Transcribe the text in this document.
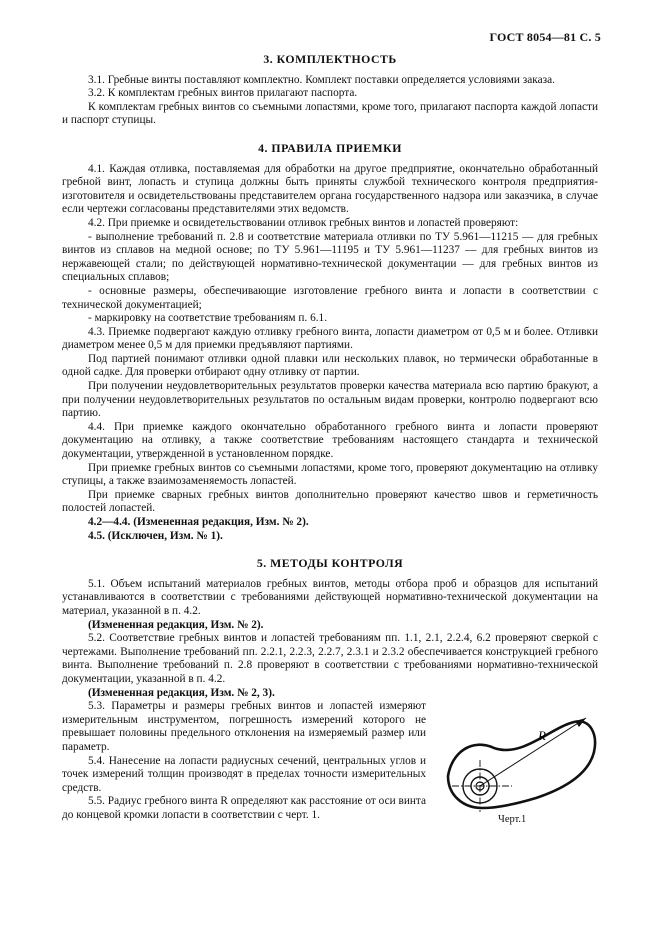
ГОСТ 8054—81 С. 5

3. КОМПЛЕКТНОСТЬ

3.1. Гребные винты поставляют комплектно. Комплект поставки определяется условиями заказа.

3.2. К комплектам гребных винтов прилагают паспорта.

К комплектам гребных винтов со съемными лопастями, кроме того, прилагают паспорта каждой лопасти и паспорт ступицы.

4. ПРАВИЛА ПРИЕМКИ

4.1. Каждая отливка, поставляемая для обработки на другое предприятие, окончательно обработанный гребной винт, лопасть и ступица должны быть приняты службой технического контроля предприятия-изготовителя и освидетельствованы представителем органа государственного надзора или заказчика, в случае если чертежи согласованы представителями этих ведомств.

4.2. При приемке и освидетельствовании отливок гребных винтов и лопастей проверяют:

- выполнение требований п. 2.8 и соответствие материала отливки по ТУ 5.961—11215 — для гребных винтов из сплавов на медной основе; по ТУ 5.961—11195 и ТУ 5.961—11237 — для гребных винтов из нержавеющей стали; по действующей нормативно-технической документации — для гребных винтов из специальных сплавов;

- основные размеры, обеспечивающие изготовление гребного винта и лопасти в соответствии с технической документацией;

- маркировку на соответствие требованиям п. 6.1.

4.3. Приемке подвергают каждую отливку гребного винта, лопасти диаметром от 0,5 м и более. Отливки диаметром менее 0,5 м для приемки предъявляют партиями.

Под партией понимают отливки одной плавки или нескольких плавок, но термически обработанные в одной садке. Для проверки отбирают одну отливку от партии.

При получении неудовлетворительных результатов проверки качества материала всю партию бракуют, а при получении неудовлетворительных результатов по остальным видам проверки, контролю подвергают всю партию.

4.4. При приемке каждого окончательно обработанного гребного винта и лопасти проверяют документацию на отливку, а также соответствие требованиям настоящего стандарта и технической документации, утвержденной в установленном порядке.

При приемке гребных винтов со съемными лопастями, кроме того, проверяют документацию на отливку ступицы, а также взаимозаменяемость лопастей.

При приемке сварных гребных винтов дополнительно проверяют качество швов и герметичность полостей лопастей.

4.2—4.4. (Измененная редакция, Изм. № 2).

4.5. (Исключен, Изм. № 1).

5. МЕТОДЫ КОНТРОЛЯ

5.1. Объем испытаний материалов гребных винтов, методы отбора проб и образцов для испытаний устанавливаются в соответствии с требованиями действующей нормативно-технической документации на материал, указанной в п. 4.2.

(Измененная редакция, Изм. № 2).

5.2. Соответствие гребных винтов и лопастей требованиям пп. 1.1, 2.1, 2.2.4, 6.2 проверяют сверкой с чертежами. Выполнение требований пп. 2.2.1, 2.2.3, 2.2.7, 2.3.1 и 2.3.2 обеспечивается конструкцией гребного винта. Выполнение требований п. 2.8 проверяют в соответствии с требованиями нормативно-технической документации, указанной в п. 4.2.

(Измененная редакция, Изм. № 2, 3).

5.3. Параметры и размеры гребных винтов и лопастей измеряют измерительным инструментом, погрешность измерений которого не превышает половины предельного отклонения на измеряемый размер или параметр.

5.4. Нанесение на лопасти радиусных сечений, центральных углов и точек измерений толщин производят в пределах точности измерительных средств.

5.5. Радиус гребного винта R определяют как расстояние от оси винта до концевой кромки лопасти в соответствии с черт. 1.

R
Черт.1
